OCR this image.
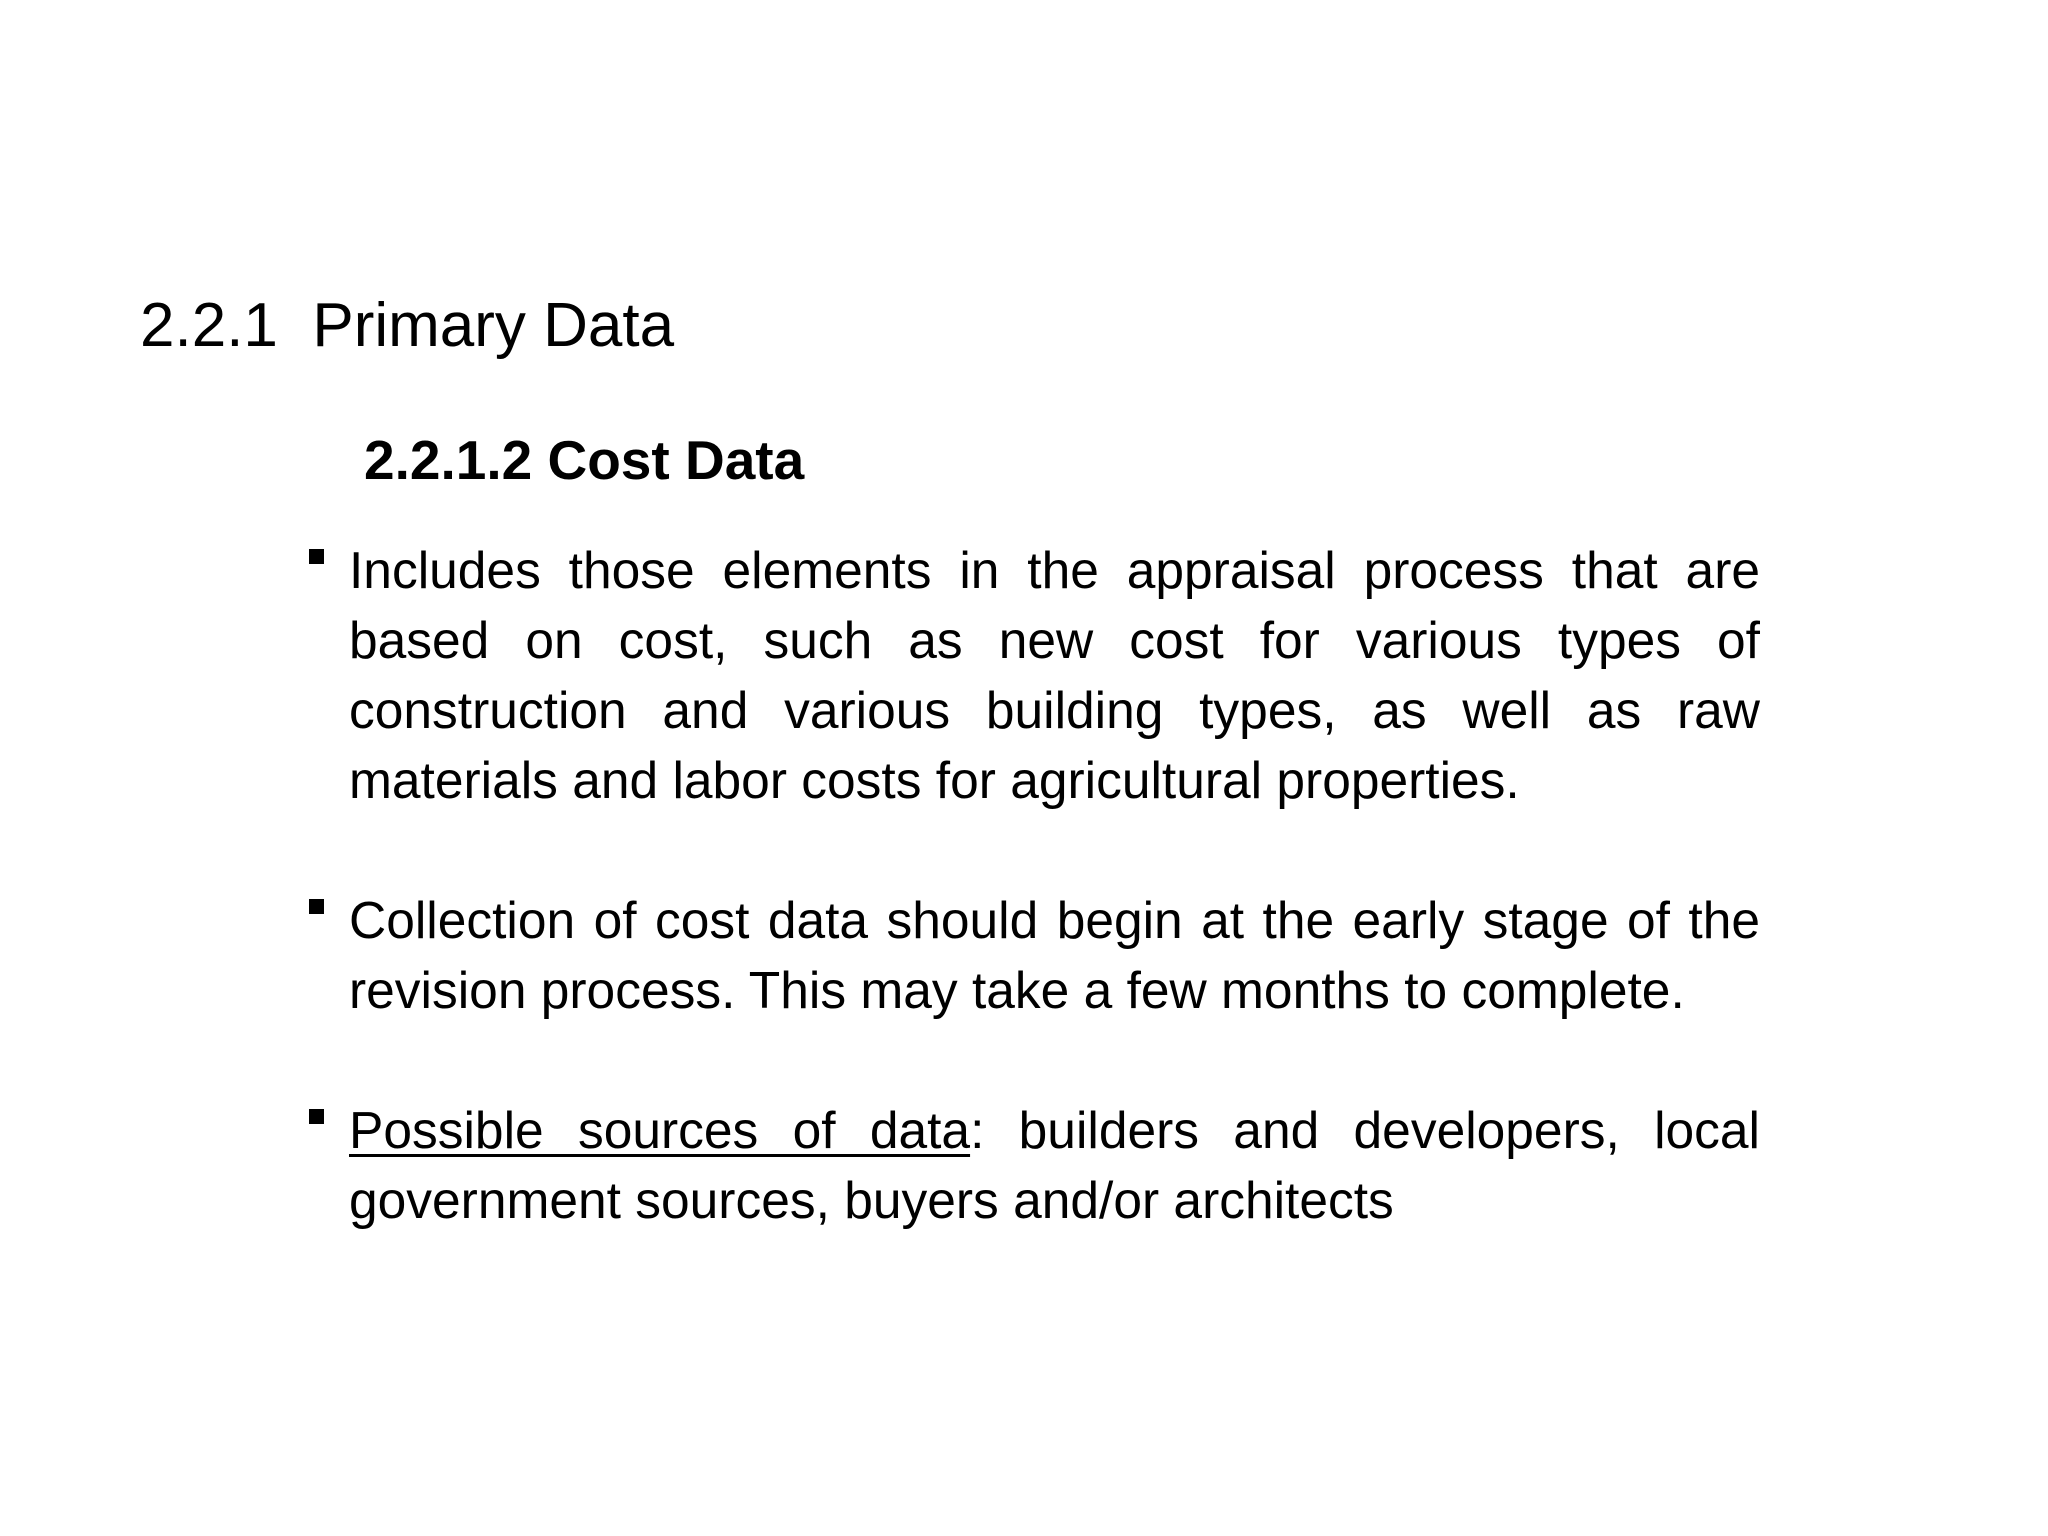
2.2.1  Primary Data
2.2.1.2 Cost Data
Includes those elements in the appraisal process that are based on cost, such as new cost for various types of construction and various building types, as well as raw materials and labor costs for agricultural properties.
Collection of cost data should begin at the early stage of the revision process. This may take a few months to complete.
Possible sources of data: builders and developers, local government sources, buyers and/or architects
